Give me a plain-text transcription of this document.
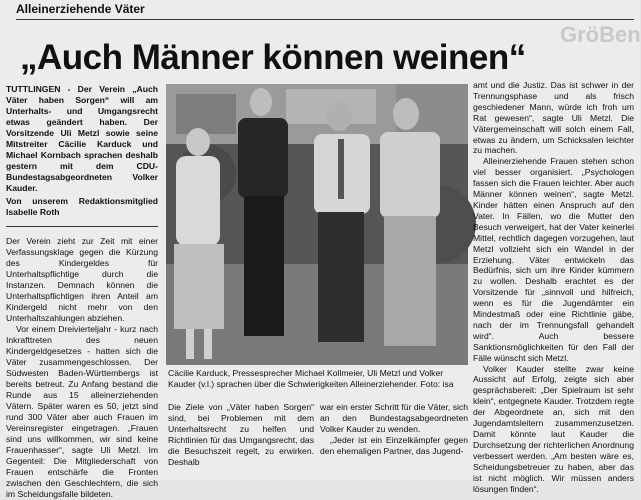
Alleinerziehende Väter
GröBen
„Auch Männer können weinen“

TUTTLINGEN - Der Verein „Auch Väter haben Sorgen“ will am Unterhalts- und Umgangsrecht etwas geändert haben. Der Vorsitzende Uli Metzl sowie seine Mitstreiter Cäcilie Karduck und Michael Kornbach sprachen deshalb gestern mit dem CDU-Bundestagsabgeordneten Volker Kauder.

Von unserem Redaktionsmitglied Isabelle Roth

Der Verein zieht zur Zeit mit einer Verfassungsklage gegen die Kürzung des Kindergeldes für Unterhaltspflichtige durch die Instanzen. Demnach können die Unterhaltspflichtigen ihren Anteil am Kindergeld nicht mehr von den Unterhaltszahlungen abziehen.

Vor einem Dreivierteljahr - kurz nach Inkrafttreten des neuen Kindergeldgesetzes - hatten sich die Väter zusammengeschlossen. Der Südwesten Baden-Württembergs ist bereits betreut. Zu Anfang bestand die Runde aus 15 alleinerziehenden Vätern. Später waren es 50, jetzt sind rund 300 Väter aber auch Frauen im Vereinsregister eingetragen. „Frauen sind uns willkommen, wir sind keine Frauenhasser“, sagte Uli Metzl. Im Gegenteil: Die Mitgliederschaft von Frauen entschärfe die Fronten zwischen den Geschlechtern, die sich im Scheidungsfalle bildeten.

Cäcilie Karduck, Pressesprecher Michael Kollmeier, Uli Metzl und Volker Kauder (v.l.) sprachen über die Schwierigkeiten Alleinerziehender. Foto: isa
Die Ziele von „Väter haben Sorgen“ sind, bei Problemen mit dem Unterhaltsrecht zu helfen und Richtlinien für das Umgangsrecht, das die Besuchszeit regelt, zu erwirken. Deshalb
war ein erster Schritt für die Väter, sich an den Bundestagsabgeordneten Volker Kauder zu wenden.
„Jeder ist ein Einzelkämpfer gegen den ehemaligen Partner, das Jugend-

amt und die Justiz. Das ist schwer in der Trennungsphase und als frisch geschiedener Mann, würde ich froh um Rat gewesen“, sagte Uli Metzl. Die Vätergemeinschaft will solch einem Fall, etwas zu ändern, um Schicksalen leichter zu machen.

Alleinerziehende Frauen stehen schon viel besser organisiert. „Psychologen fassen sich die Frauen leichter. Aber auch Männer können weinen“, sagte Metzl. Kinder hätten einen Anspruch auf den Vater. In Fällen, wo die Mutter den Besuch verweigert, hat der Vater keinerlei Mittel, rechtlich dagegen vorzugehen, laut Metzl vollzieht sich ein Wandel in der Erziehung. Väter entwickeln das Bedürfnis, sich um ihre Kinder kümmern zu wollen. Deshalb erachtet es der Vorsitzende für „sinnvoll und hilfreich, wenn es für die Jugendämter ein Mindestmaß oder eine Richtlinie gäbe, nach der im Trennungsfall gehandelt wird“. Auch bessere Sanktionsmöglichkeiten für den Fall der Fälle wünscht sich Metzl.

Volker Kauder stellte zwar keine Aussicht auf Erfolg, zeigte sich aber gesprächsbereit: „Der Spielraum ist sehr klein“, entgegnete Kauder. Trotzdem regte der Abgeordnete an, sich mit den Jugendamtsleitern zusammenzusetzen. Damit könnte laut Kauder die Durchsetzung der richterlichen Anordnung verbessert werden. „Am besten wäre es, Scheidungsbetreuer zu haben, aber das ist nicht möglich. Wir müssen anders lösungen finden“.
